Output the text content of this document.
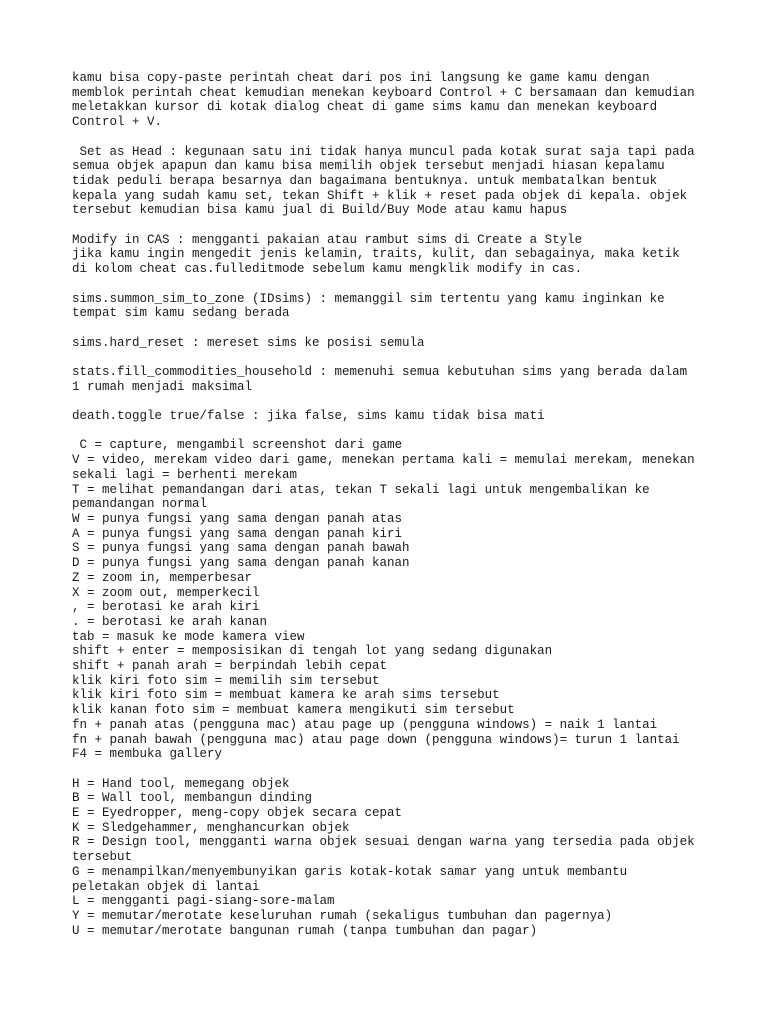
kamu bisa copy-paste perintah cheat dari pos ini langsung ke game kamu dengan
memblok perintah cheat kemudian menekan keyboard Control + C bersamaan dan kemudian
meletakkan kursor di kotak dialog cheat di game sims kamu dan menekan keyboard
Control + V.

Set as Head : kegunaan satu ini tidak hanya muncul pada kotak surat saja tapi pada
semua objek apapun dan kamu bisa memilih objek tersebut menjadi hiasan kepalamu
tidak peduli berapa besarnya dan bagaimana bentuknya. untuk membatalkan bentuk
kepala yang sudah kamu set, tekan Shift + klik + reset pada objek di kepala. objek
tersebut kemudian bisa kamu jual di Build/Buy Mode atau kamu hapus

Modify in CAS : mengganti pakaian atau rambut sims di Create a Style
jika kamu ingin mengedit jenis kelamin, traits, kulit, dan sebagainya, maka ketik
di kolom cheat cas.fulleditmode sebelum kamu mengklik modify in cas.

sims.summon_sim_to_zone (IDsims) : memanggil sim tertentu yang kamu inginkan ke
tempat sim kamu sedang berada

sims.hard_reset : mereset sims ke posisi semula

stats.fill_commodities_household : memenuhi semua kebutuhan sims yang berada dalam
1 rumah menjadi maksimal

death.toggle true/false : jika false, sims kamu tidak bisa mati

C = capture, mengambil screenshot dari game
V = video, merekam video dari game, menekan pertama kali = memulai merekam, menekan
sekali lagi = berhenti merekam
T = melihat pemandangan dari atas, tekan T sekali lagi untuk mengembalikan ke
pemandangan normal
W = punya fungsi yang sama dengan panah atas
A = punya fungsi yang sama dengan panah kiri
S = punya fungsi yang sama dengan panah bawah
D = punya fungsi yang sama dengan panah kanan
Z = zoom in, memperbesar
X = zoom out, memperkecil
, = berotasi ke arah kiri
. = berotasi ke arah kanan
tab = masuk ke mode kamera view
shift + enter = memposisikan di tengah lot yang sedang digunakan
shift + panah arah = berpindah lebih cepat
klik kiri foto sim = memilih sim tersebut
klik kiri foto sim = membuat kamera ke arah sims tersebut
klik kanan foto sim = membuat kamera mengikuti sim tersebut
fn + panah atas (pengguna mac) atau page up (pengguna windows) = naik 1 lantai
fn + panah bawah (pengguna mac) atau page down (pengguna windows)= turun 1 lantai
F4 = membuka gallery

H = Hand tool, memegang objek
B = Wall tool, membangun dinding
E = Eyedropper, meng-copy objek secara cepat
K = Sledgehammer, menghancurkan objek
R = Design tool, mengganti warna objek sesuai dengan warna yang tersedia pada objek
tersebut
G = menampilkan/menyembunyikan garis kotak-kotak samar yang untuk membantu
peletakan objek di lantai
L = mengganti pagi-siang-sore-malam
Y = memutar/merotate keseluruhan rumah (sekaligus tumbuhan dan pagernya)
U = memutar/merotate bangunan rumah (tanpa tumbuhan dan pagar)
